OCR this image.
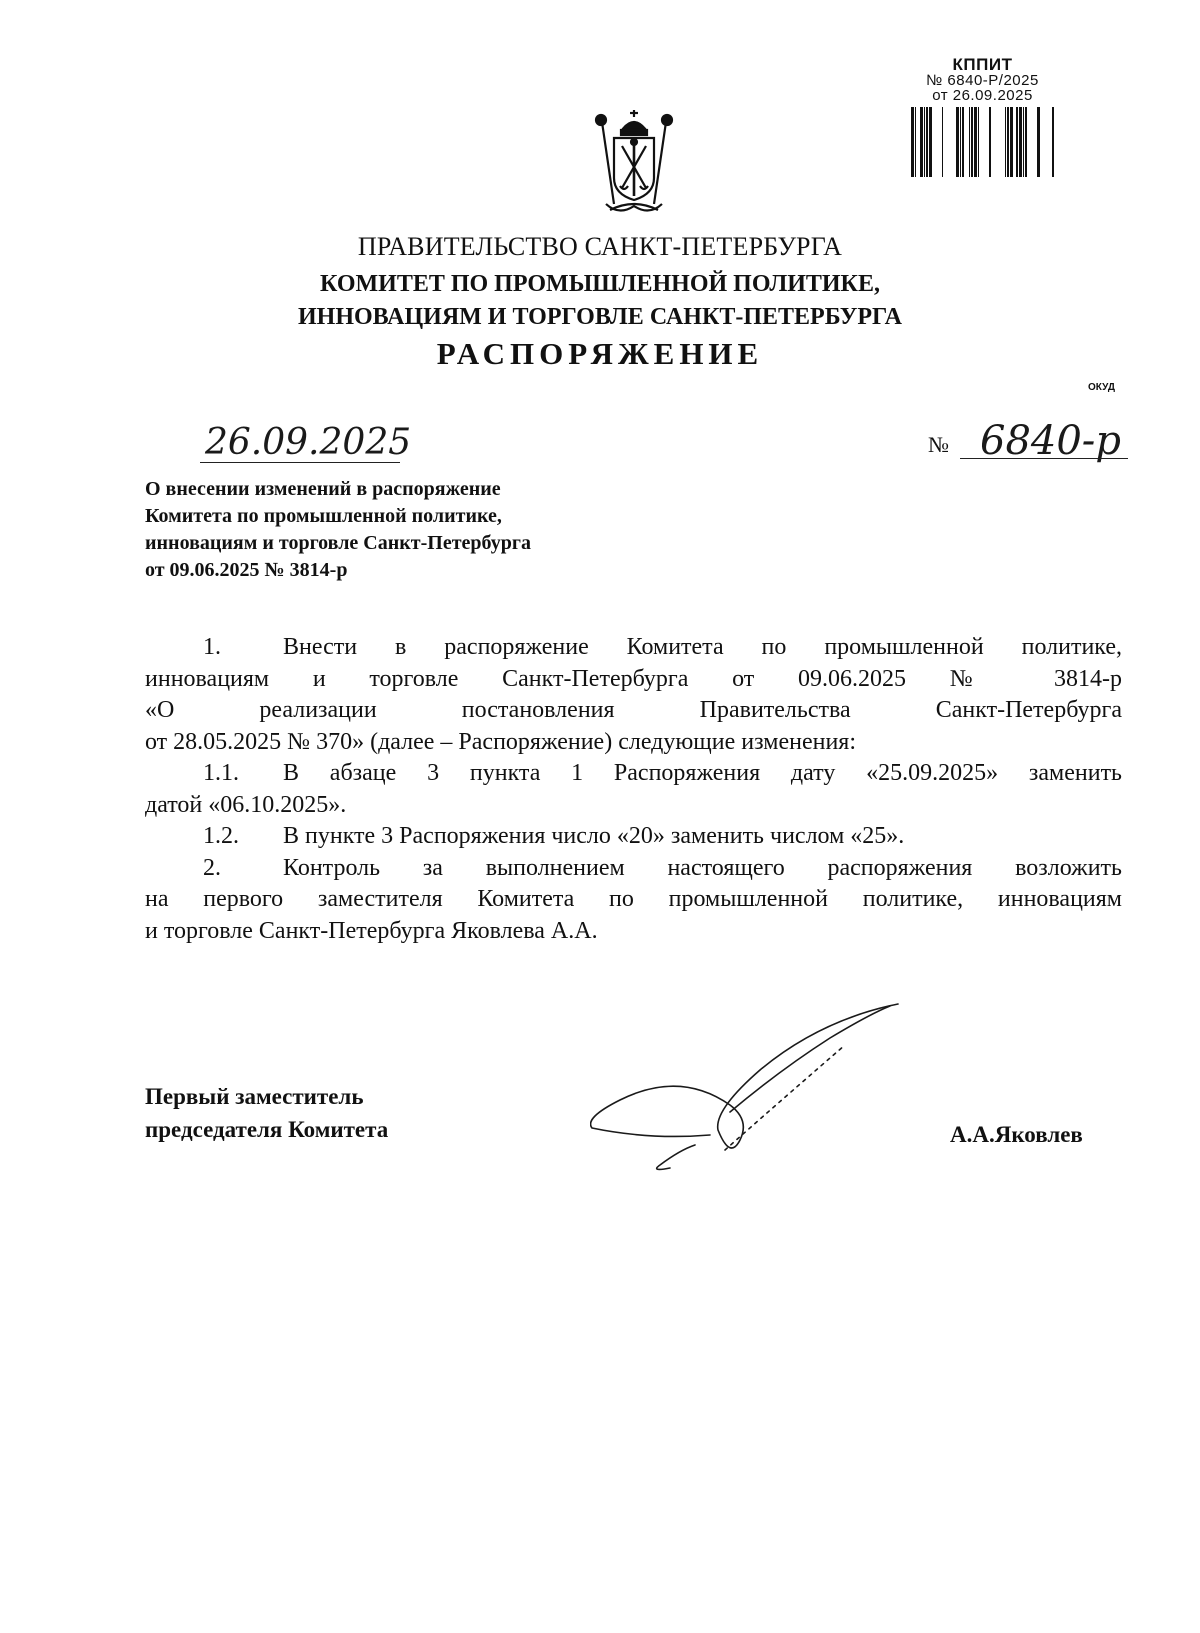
КППИТ
№ 6840-Р/2025
от 26.09.2025
ПРАВИТЕЛЬСТВО САНКТ-ПЕТЕРБУРГА
КОМИТЕТ ПО ПРОМЫШЛЕННОЙ ПОЛИТИКЕ,
ИННОВАЦИЯМ И ТОРГОВЛЕ САНКТ-ПЕТЕРБУРГА
РАСПОРЯЖЕНИЕ
ОКУД
26.09.2025	№ 6840-р
О внесении изменений в распоряжение
Комитета по промышленной политике,
инновациям и торговле Санкт-Петербурга
от 09.06.2025 № 3814-р

1.	Внести в распоряжение Комитета по промышленной политике,

инновациям и торговле Санкт-Петербурга от 09.06.2025 № 3814-р

«О реализации постановления Правительства Санкт-Петербурга

от 28.05.2025 № 370» (далее – Распоряжение) следующие изменения:

1.1. В абзаце 3 пункта 1 Распоряжения дату «25.09.2025» заменить

датой «06.10.2025».

1.2. В пункте 3 Распоряжения число «20» заменить числом «25».

2.	Контроль за выполнением настоящего распоряжения возложить

на первого заместителя Комитета по промышленной политике, инновациям

и торговле Санкт-Петербурга Яковлева А.А.

Первый заместитель
председателя Комитета	А.А.Яковлев
